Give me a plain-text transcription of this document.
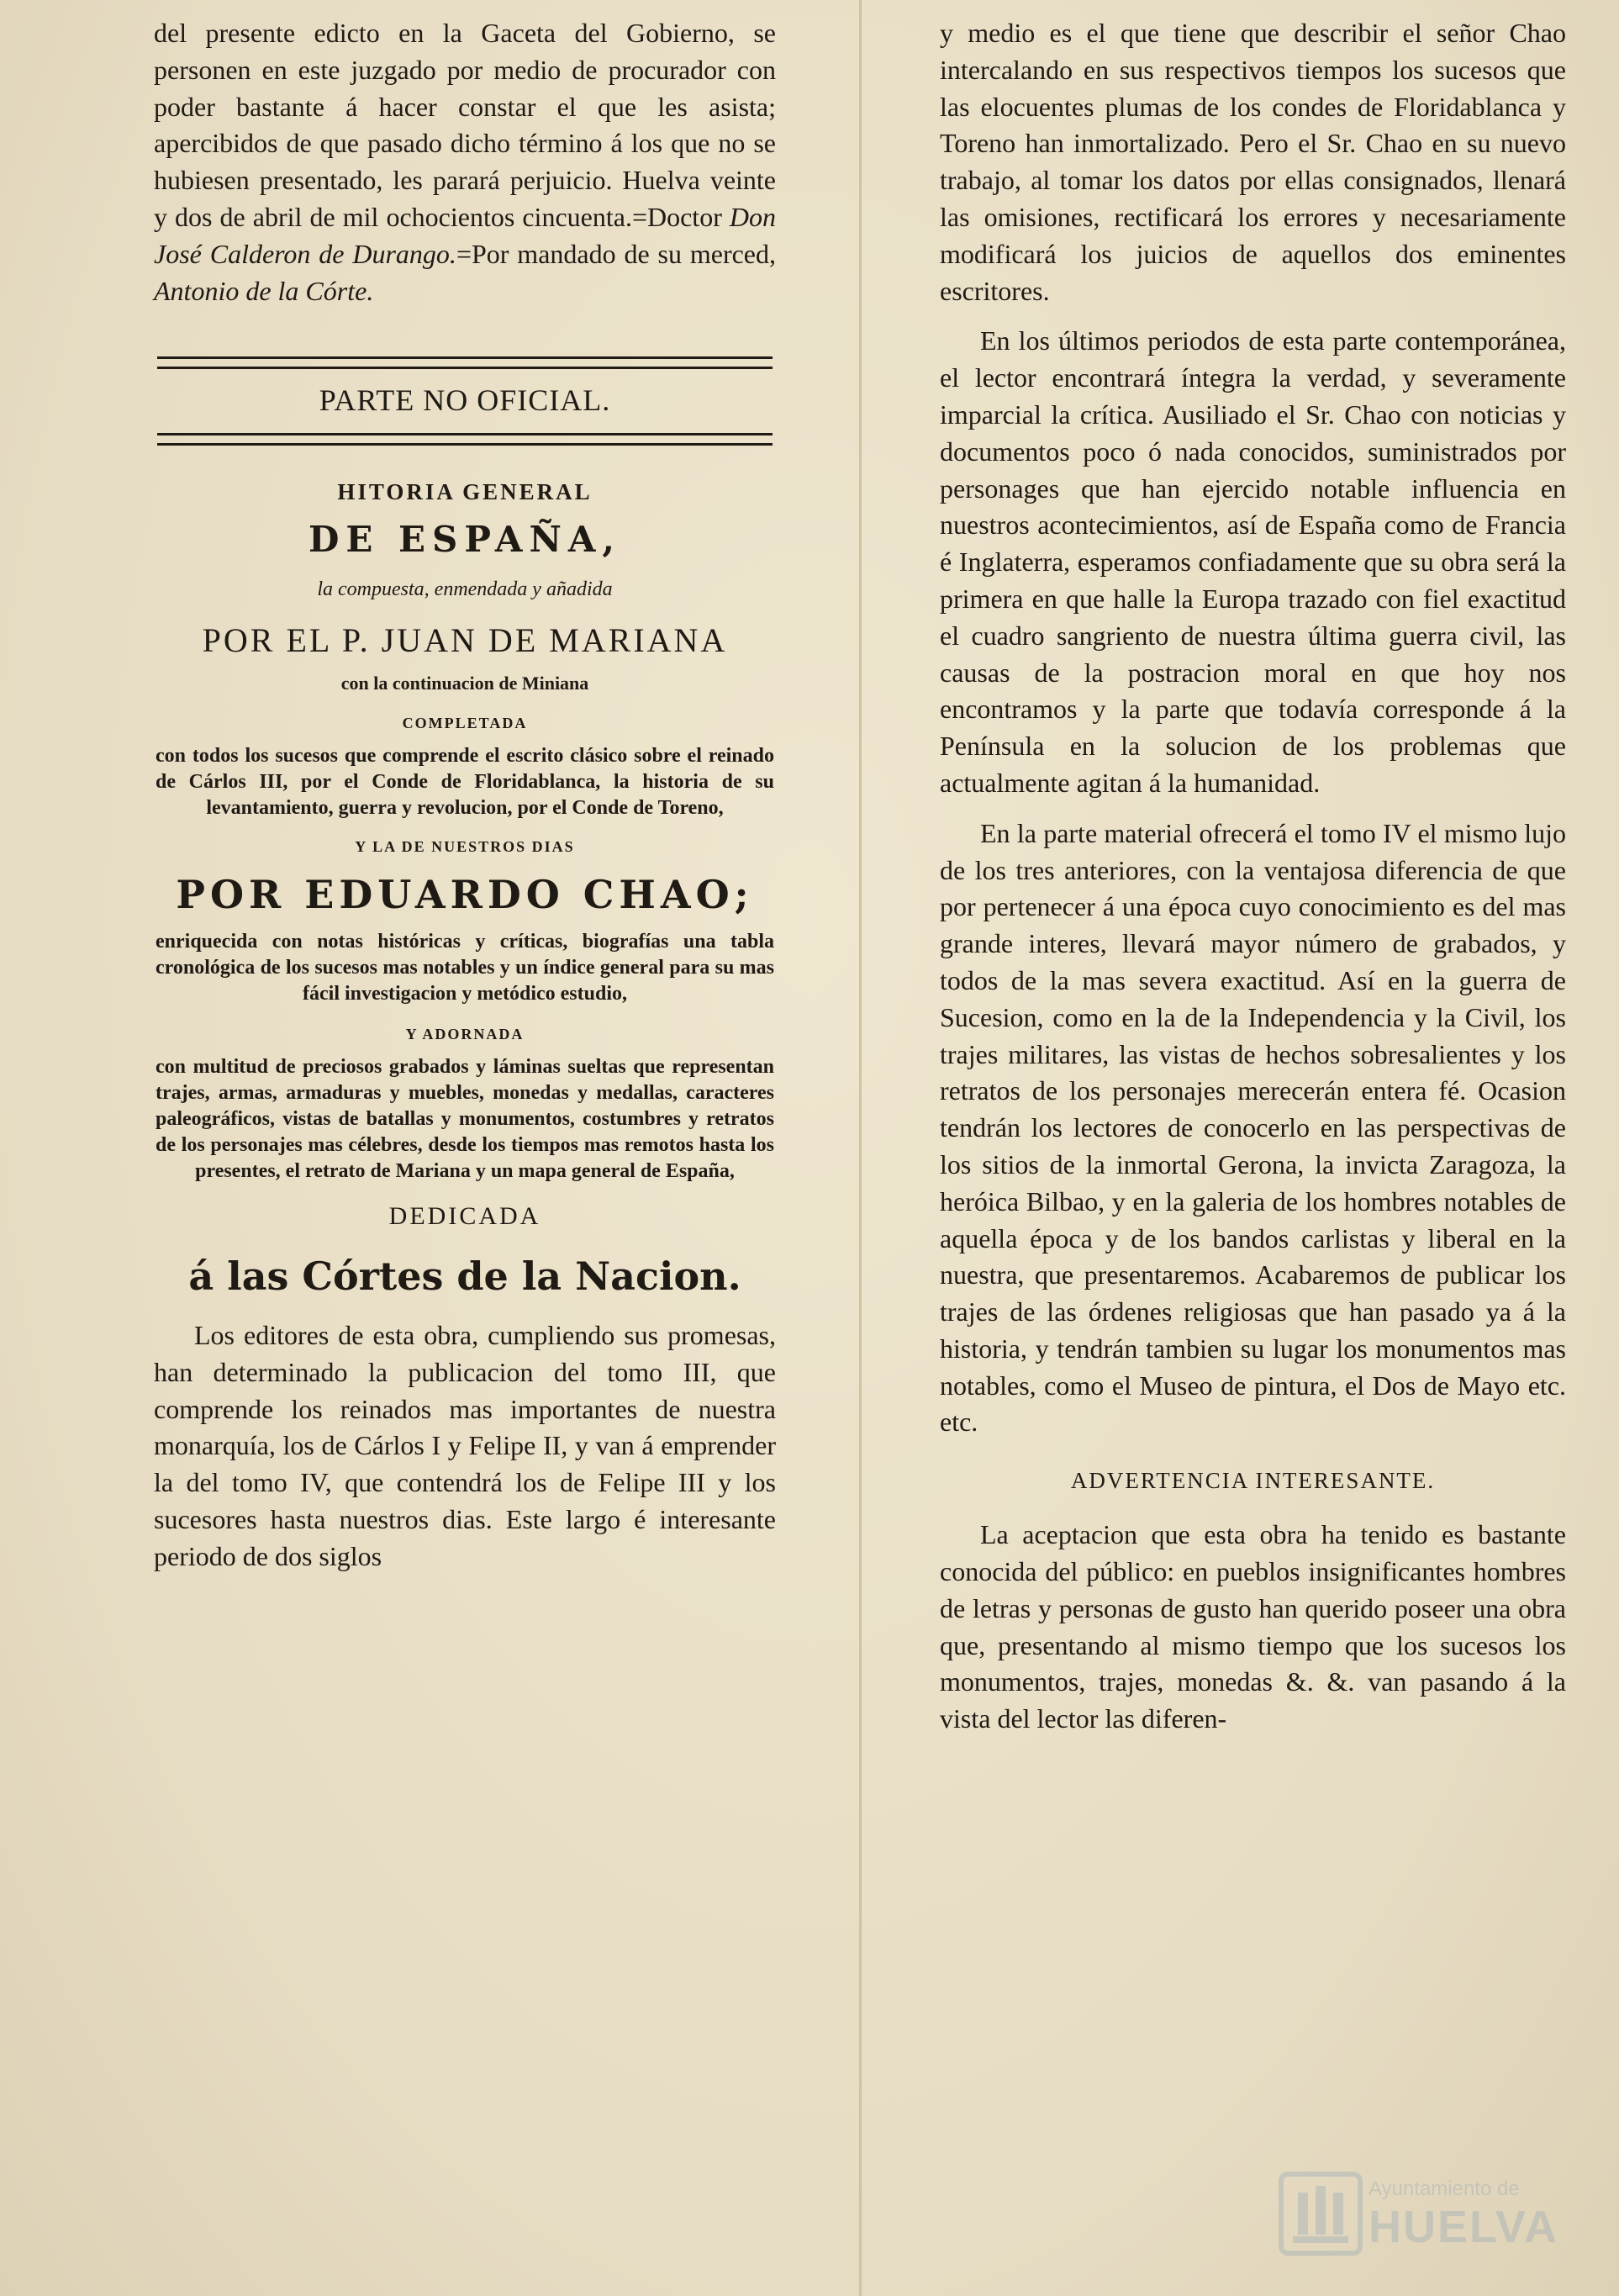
del presente edicto en la Gaceta del Gobierno, se personen en este juzgado por medio de procurador con poder bastante á hacer constar el que les asista; apercibidos de que pasado dicho término á los que no se hubiesen presentado, les parará perjuicio. Huelva veinte y dos de abril de mil ochocientos cincuenta.=Doctor Don José Calderon de Durango.=Por mandado de su merced, Antonio de la Córte.

PARTE NO OFICIAL.
HITORIA GENERAL
DE ESPAÑA,
la compuesta, enmendada y añadida
POR EL P. JUAN DE MARIANA
con la continuacion de Miniana
COMPLETADA
con todos los sucesos que comprende el escrito clásico sobre el reinado de Cárlos III, por el Conde de Floridablanca, la historia de su levantamiento, guerra y revolucion, por el Conde de Toreno,
Y LA DE NUESTROS DIAS
POR EDUARDO CHAO;
enriquecida con notas históricas y críticas, biografías una tabla cronológica de los sucesos mas notables y un índice general para su mas fácil investigacion y metódico estudio,
Y ADORNADA
con multitud de preciosos grabados y láminas sueltas que representan trajes, armas, armaduras y muebles, monedas y medallas, caracteres paleográficos, vistas de batallas y monumentos, costumbres y retratos de los personajes mas célebres, desde los tiempos mas remotos hasta los presentes, el retrato de Mariana y un mapa general de España,
DEDICADA
á las Córtes de la Nacion.

Los editores de esta obra, cumpliendo sus promesas, han determinado la publicacion del tomo III, que comprende los reinados mas importantes de nuestra monarquía, los de Cárlos I y Felipe II, y van á emprender la del tomo IV, que contendrá los de Felipe III y los sucesores hasta nuestros dias. Este largo é interesante periodo de dos siglos

y medio es el que tiene que describir el señor Chao intercalando en sus respectivos tiempos los sucesos que las elocuentes plumas de los condes de Floridablanca y Toreno han inmortalizado. Pero el Sr. Chao en su nuevo trabajo, al tomar los datos por ellas consignados, llenará las omisiones, rectificará los errores y necesariamente modificará los juicios de aquellos dos eminentes escritores.

En los últimos periodos de esta parte contemporánea, el lector encontrará íntegra la verdad, y severamente imparcial la crítica. Ausiliado el Sr. Chao con noticias y documentos poco ó nada conocidos, suministrados por personages que han ejercido notable influencia en nuestros acontecimientos, así de España como de Francia é Inglaterra, esperamos confiadamente que su obra será la primera en que halle la Europa trazado con fiel exactitud el cuadro sangriento de nuestra última guerra civil, las causas de la postracion moral en que hoy nos encontramos y la parte que todavía corresponde á la Península en la solucion de los problemas que actualmente agitan á la humanidad.

En la parte material ofrecerá el tomo IV el mismo lujo de los tres anteriores, con la ventajosa diferencia de que por pertenecer á una época cuyo conocimiento es del mas grande interes, llevará mayor número de grabados, y todos de la mas severa exactitud. Así en la guerra de Sucesion, como en la de la Independencia y la Civil, los trajes militares, las vistas de hechos sobresalientes y los retratos de los personajes merecerán entera fé. Ocasion tendrán los lectores de conocerlo en las perspectivas de los sitios de la inmortal Gerona, la invicta Zaragoza, la heróica Bilbao, y en la galeria de los hombres notables de aquella época y de los bandos carlistas y liberal en la nuestra, que presentaremos. Acabaremos de publicar los trajes de las órdenes religiosas que han pasado ya á la historia, y tendrán tambien su lugar los monumentos mas notables, como el Museo de pintura, el Dos de Mayo etc. etc.

ADVERTENCIA INTERESANTE.

La aceptacion que esta obra ha tenido es bastante conocida del público: en pueblos insignificantes hombres de letras y personas de gusto han querido poseer una obra que, presentando al mismo tiempo que los sucesos los monumentos, trajes, monedas &. &. van pasando á la vista del lector las diferen-

Ayuntamiento de
HUELVA
